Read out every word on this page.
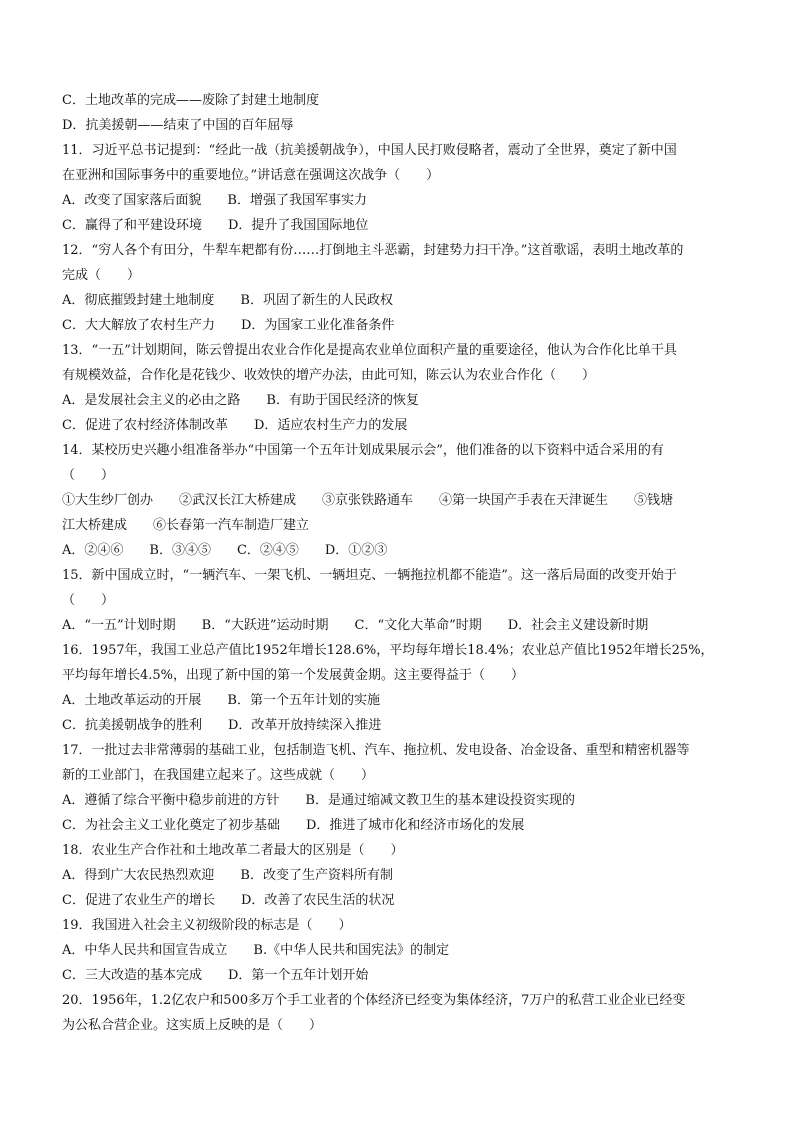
C．土地改革的完成——废除了封建土地制度
D．抗美援朝——结束了中国的百年屈辱
11．习近平总书记提到：“经此一战（抗美援朝战争），中国人民打败侵略者，震动了全世界，奠定了新中国
在亚洲和国际事务中的重要地位。”讲话意在强调这次战争（　　）
A．改变了国家落后面貌　　B．增强了我国军事实力
C．赢得了和平建设环境　　D．提升了我国国际地位
12．“穷人各个有田分，牛犁车耙都有份……打倒地主斗恶霸，封建势力扫干净。”这首歌谣，表明土地改革的
完成（　　）
A．彻底摧毁封建土地制度　　B．巩固了新生的人民政权
C．大大解放了农村生产力　　D．为国家工业化准备条件
13．“一五”计划期间，陈云曾提出农业合作化是提高农业单位面积产量的重要途径，他认为合作化比单干具
有规模效益，合作化是花钱少、收效快的增产办法，由此可知，陈云认为农业合作化（　　）
A．是发展社会主义的必由之路　　B．有助于国民经济的恢复
C．促进了农村经济体制改革　　D．适应农村生产力的发展
14．某校历史兴趣小组准备举办“中国第一个五年计划成果展示会”，他们准备的以下资料中适合采用的有
（　　）
①大生纱厂创办　　②武汉长江大桥建成　　③京张铁路通车　　④第一块国产手表在天津诞生　　⑤钱塘
江大桥建成　　⑥长春第一汽车制造厂建立
A．②④⑥　　B．③④⑤　　C．②④⑤　　D．①②③
15．新中国成立时，“一辆汽车、一架飞机、一辆坦克、一辆拖拉机都不能造”。这一落后局面的改变开始于
（　　）
A．“一五”计划时期　　B．“大跃进”运动时期　　C．“文化大革命”时期　　D．社会主义建设新时期
16．1957年，我国工业总产值比1952年增长128.6%，平均每年增长18.4%；农业总产值比1952年增长25%，
平均每年增长4.5%，出现了新中国的第一个发展黄金期。这主要得益于（　　）
A．土地改革运动的开展　　B．第一个五年计划的实施
C．抗美援朝战争的胜利　　D．改革开放持续深入推进
17．一批过去非常薄弱的基础工业，包括制造飞机、汽车、拖拉机、发电设备、冶金设备、重型和精密机器等
新的工业部门，在我国建立起来了。这些成就（　　）
A．遵循了综合平衡中稳步前进的方针　　B．是通过缩减文教卫生的基本建设投资实现的
C．为社会主义工业化奠定了初步基础　　D．推进了城市化和经济市场化的发展
18．农业生产合作社和土地改革二者最大的区别是（　　）
A．得到广大农民热烈欢迎　　B．改变了生产资料所有制
C．促进了农业生产的增长　　D．改善了农民生活的状况
19．我国进入社会主义初级阶段的标志是（　　）
A．中华人民共和国宣告成立　　B.《中华人民共和国宪法》的制定
C．三大改造的基本完成　　D．第一个五年计划开始
20．1956年，1.2亿农户和500多万个手工业者的个体经济已经变为集体经济，7万户的私营工业企业已经变
为公私合营企业。这实质上反映的是（　　）
